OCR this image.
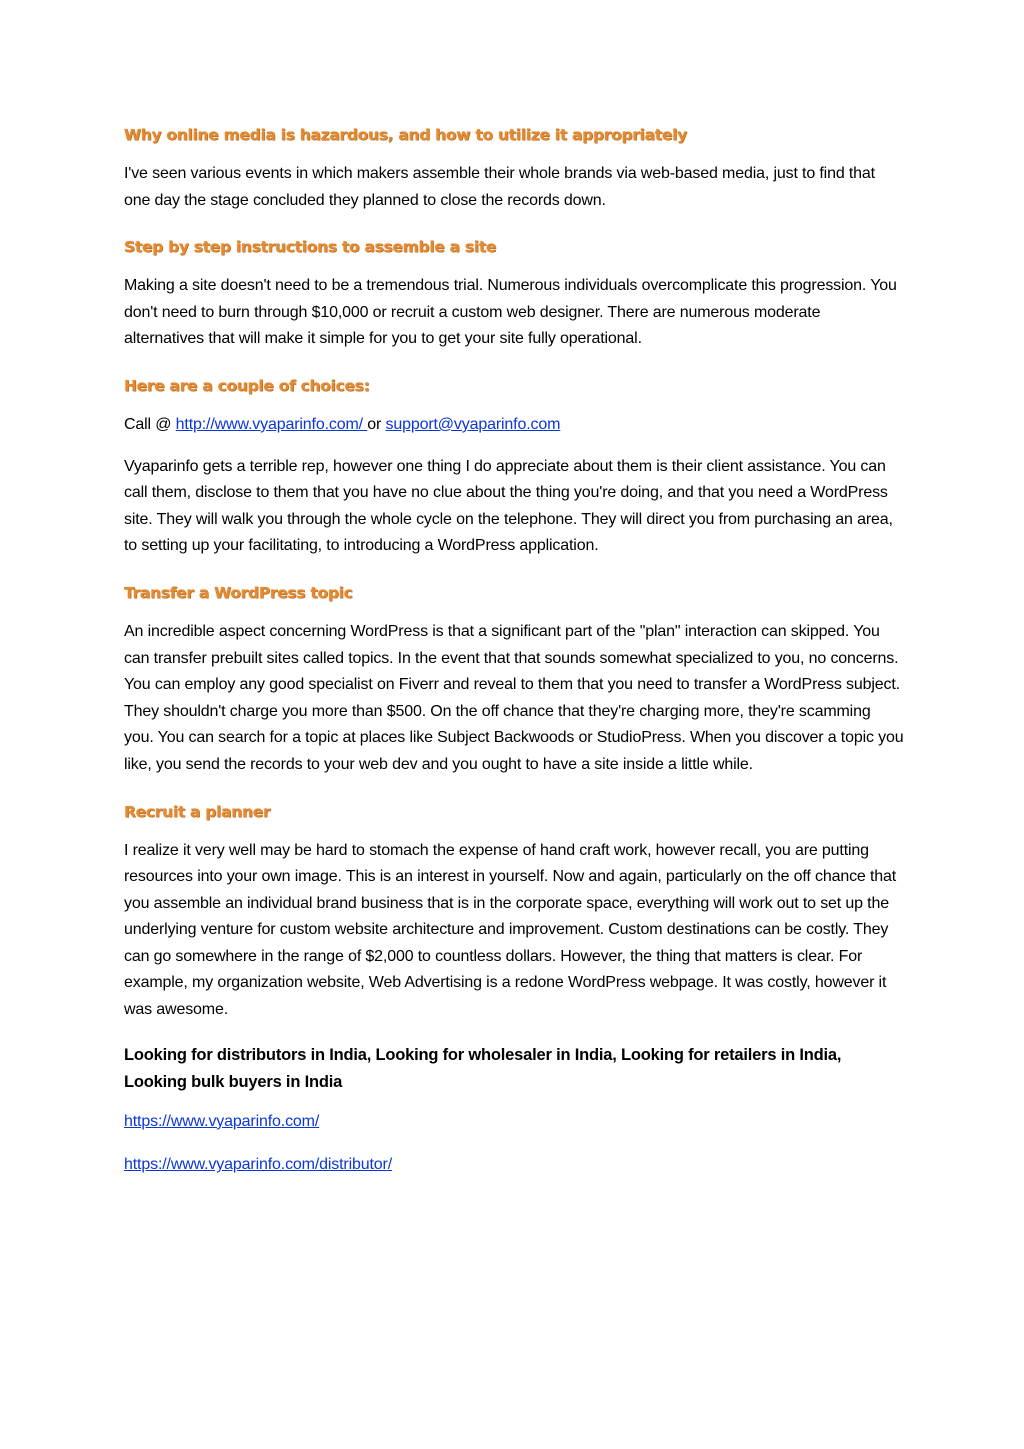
Why online media is hazardous, and how to utilize it appropriately

I've seen various events in which makers assemble their whole brands via web-based media, just to find that one day the stage concluded they planned to close the records down.

Step by step instructions to assemble a site

Making a site doesn't need to be a tremendous trial. Numerous individuals overcomplicate this progression. You don't need to burn through $10,000 or recruit a custom web designer. There are numerous moderate alternatives that will make it simple for you to get your site fully operational.

Here are a couple of choices:

Call @ http://www.vyaparinfo.com/ or support@vyaparinfo.com

Vyaparinfo gets a terrible rep, however one thing I do appreciate about them is their client assistance. You can call them, disclose to them that you have no clue about the thing you're doing, and that you need a WordPress site. They will walk you through the whole cycle on the telephone. They will direct you from purchasing an area, to setting up your facilitating, to introducing a WordPress application.

Transfer a WordPress topic

An incredible aspect concerning WordPress is that a significant part of the "plan" interaction can skipped. You can transfer prebuilt sites called topics. In the event that that sounds somewhat specialized to you, no concerns. You can employ any good specialist on Fiverr and reveal to them that you need to transfer a WordPress subject. They shouldn't charge you more than $500. On the off chance that they're charging more, they're scamming you. You can search for a topic at places like Subject Backwoods or StudioPress. When you discover a topic you like, you send the records to your web dev and you ought to have a site inside a little while.

Recruit a planner

I realize it very well may be hard to stomach the expense of hand craft work, however recall, you are putting resources into your own image. This is an interest in yourself. Now and again, particularly on the off chance that you assemble an individual brand business that is in the corporate space, everything will work out to set up the underlying venture for custom website architecture and improvement. Custom destinations can be costly. They can go somewhere in the range of $2,000 to countless dollars. However, the thing that matters is clear. For example, my organization website, Web Advertising is a redone WordPress webpage. It was costly, however it was awesome.

Looking for distributors in India, Looking for wholesaler in India, Looking for retailers in India, Looking bulk buyers in India

https://www.vyaparinfo.com/

https://www.vyaparinfo.com/distributor/
